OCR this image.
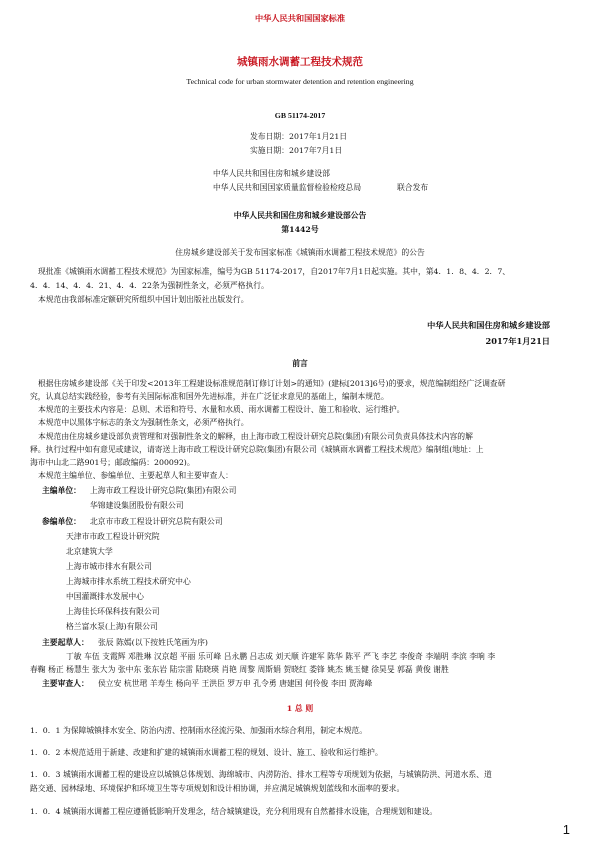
中华人民共和国国家标准
城镇雨水调蓄工程技术规范
Technical code for urban stormwater detention and retention engineering
GB 51174-2017
发布日期：2017年1月21日
实施日期：2017年7月1日
中华人民共和国住房和城乡建设部
中华人民共和国国家质量监督检验检疫总局	联合发布
中华人民共和国住房和城乡建设部公告
第1442号
住房城乡建设部关于发布国家标准《城镇雨水调蓄工程技术规范》的公告
现批准《城镇雨水调蓄工程技术规范》为国家标准，编号为GB 51174-2017，自2017年7月1日起实施。其中，第4．1．8、4．2．7、
4．4．14、4．4．21、4．4．22条为强制性条文，必须严格执行。
本规范由我部标准定额研究所组织中国计划出版社出版发行。
中华人民共和国住房和城乡建设部
2017年1月21日
前言
根据住房城乡建设部《关于印发<2013年工程建设标准规范制订修订计划>的通知》(建标[2013]6号)的要求，规范编制组经广泛调查研
究，认真总结实践经验，参考有关国际标准和国外先进标准，并在广泛征求意见的基础上，编制本规范。
本规范的主要技术内容是：总则、术语和符号、水量和水质、雨水调蓄工程设计、施工和验收、运行维护。
本规范中以黑体字标志的条文为强制性条文，必须严格执行。
本规范由住房城乡建设部负责管理和对强制性条文的解释，由上海市政工程设计研究总院(集团)有限公司负责具体技术内容的解
释。执行过程中如有意见或建议，请寄送上海市政工程设计研究总院(集团)有限公司《城镇雨水调蓄工程技术规范》编制组(地址：上
海市中山北二路901号；邮政编码：200092)。
本规范主编单位、参编单位、主要起草人和主要审查人：
主编单位： 上海市政工程设计研究总院(集团)有限公司
华锦建设集团股份有限公司
参编单位： 北京市市政工程设计研究总院有限公司
天津市市政工程设计研究院
北京建筑大学
上海市城市排水有限公司
上海城市排水系统工程技术研究中心
中国灌溉排水发展中心
上海佳长环保科技有限公司
格兰富水泵(上海)有限公司
主要起草人： 张辰 陈嫣(以下按姓氏笔画为序)
丁敏 车伍 支霞辉 邓胜琳 汉京超 平丽 乐可峰 吕永鹏 吕志成 刘天顺 许建军 陈华 陈平 严飞 李艺 李俊奇 李端明 李滨 李响 李
春鞠 杨正 杨慧生 张大为 张中东 张东岩 陆宗雷 陆晓瑛 肖艳 周黎 周斯娟 贺晓红 娄锋 姚杰 姚玉健 徐昊旻 郭磊 黄俊 谢胜
主要审查人： 侯立安 杭世珺 羊寿生 杨向平 王洪臣 罗万申 孔令勇 唐建国 何伶俊 李田 贾海峰
1 总 则
1．0．1 为保障城镇排水安全、防治内涝、控制雨水径流污染、加强雨水综合利用，制定本规范。
1．0．2 本规范适用于新建、改建和扩建的城镇雨水调蓄工程的规划、设计、施工、验收和运行维护。
1．0．3 城镇雨水调蓄工程的建设应以城镇总体规划、海绵城市、内涝防治、排水工程等专项规划为依据，与城镇防洪、河道水系、道
路交通、园林绿地、环境保护和环境卫生等专项规划和设计相协调，并应满足城镇规划蓝线和水面率的要求。
1．0．4 城镇雨水调蓄工程应遵循低影响开发理念，结合城镇建设，充分利用现有自然蓄排水设施，合理规划和建设。
1
